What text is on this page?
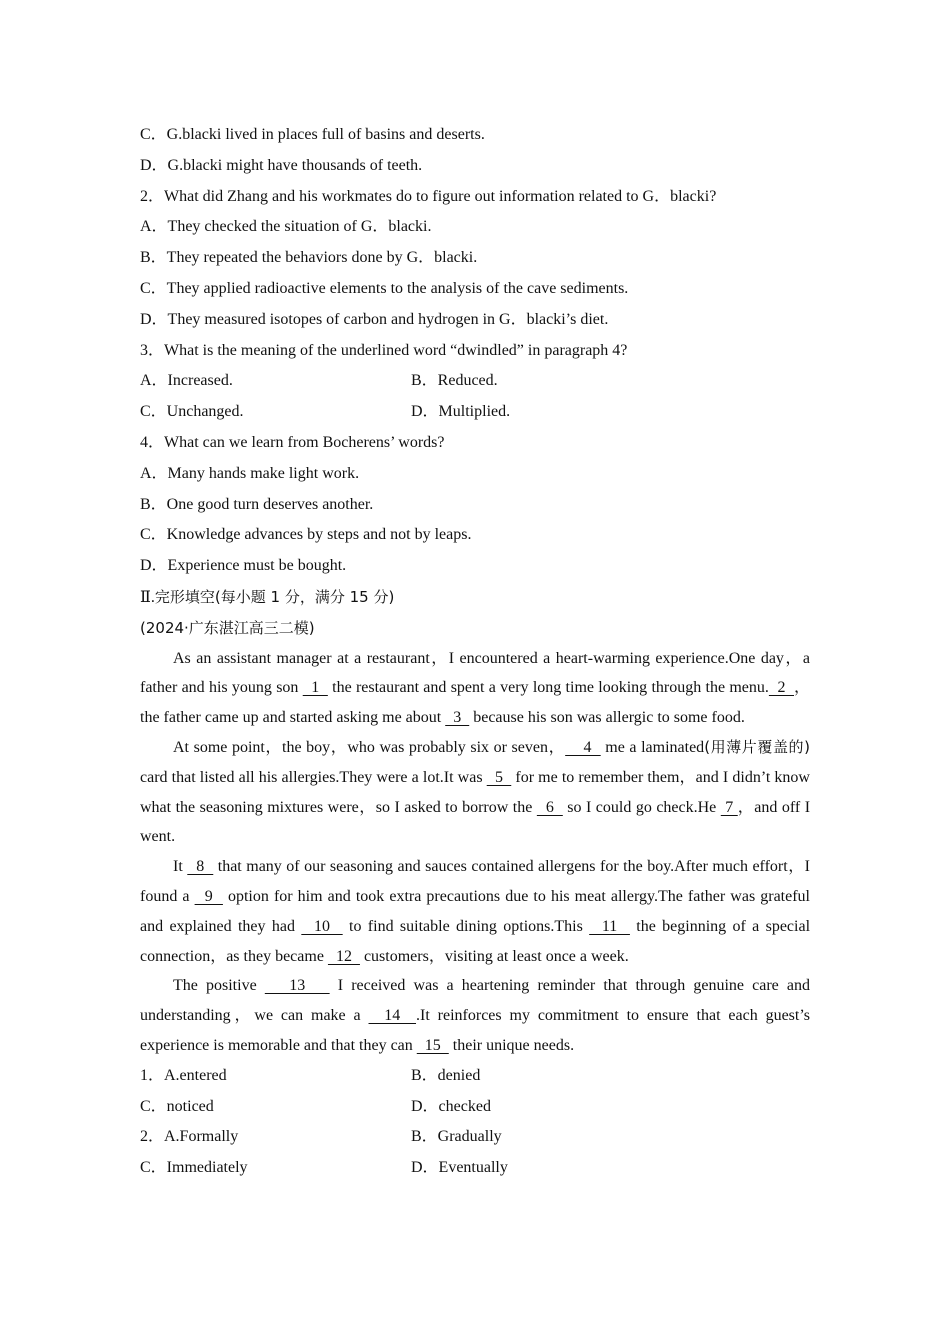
C．G.blacki lived in places full of basins and deserts.
D．G.blacki might have thousands of teeth.
2．What did Zhang and his workmates do to figure out information related to G．blacki?
A．They checked the situation of G．blacki.
B．They repeated the behaviors done by G．blacki.
C．They applied radioactive elements to the analysis of the cave sediments.
D．They measured isotopes of carbon and hydrogen in G．blacki’s diet.
3．What is the meaning of the underlined word “dwindled” in paragraph 4?
A．Increased.	B．Reduced.
C．Unchanged.	D．Multiplied.
4．What can we learn from Bocherens’ words?
A．Many hands make light work.
B．One good turn deserves another.
C．Knowledge advances by steps and not by leaps.
D．Experience must be bought.
Ⅱ.完形填空(每小题 1 分，满分 15 分)
(2024·广东湛江高三二模)

As an assistant manager at a restaurant，I encountered a heart-warming experience.One day，a father and his young son   1   the restaurant and spent a very long time looking through the menu.  2  ，the father came up and started asking me about   3   because his son was allergic to some food.

At some point，the boy，who was probably six or seven，    4   me a laminated(用薄片覆盖的) card that listed all his allergies.They were a lot.It was   5   for me to remember them，and I didn’t know what the seasoning mixtures were，so I asked to borrow the   6   so I could go check.He  7 ，and off I went.

It   8   that many of our seasoning and sauces contained allergens for the boy.After much effort，I found a   9   option for him and took extra precautions due to his meat allergy.The father was grateful and explained they had   10   to find suitable dining options.This   11   the beginning of a special connection，as they became   12   customers，visiting at least once a week.

The positive    13    I received was a heartening reminder that through genuine care and understanding，we can make a   14  .It reinforces my commitment to ensure that each guest’s experience is memorable and that they can   15   their unique needs.

1．A.entered	B．denied
C．noticed	D．checked
2．A.Formally	B．Gradually
C．Immediately	D．Eventually
